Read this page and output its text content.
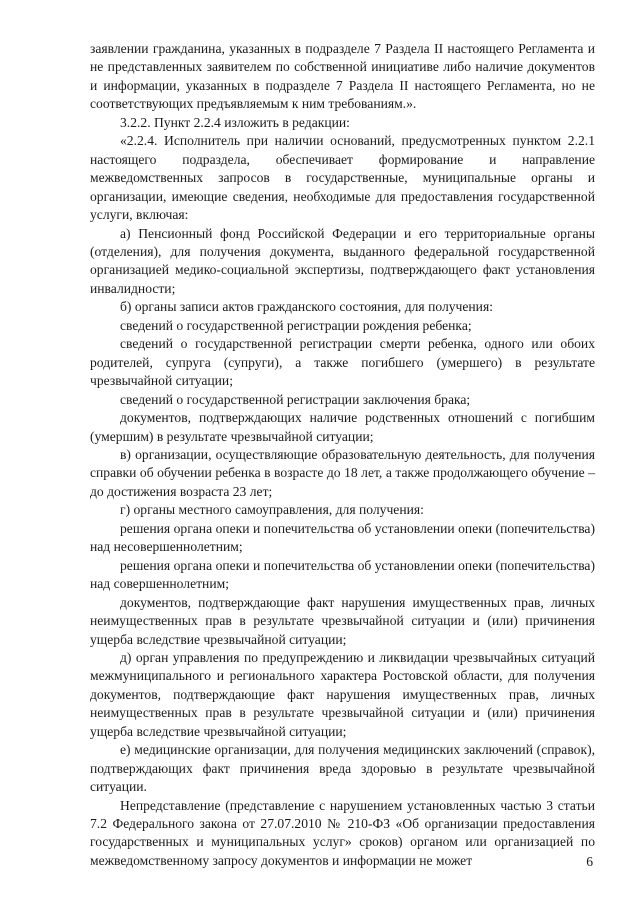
заявлении гражданина, указанных в подразделе 7 Раздела II настоящего Регламента и не представленных заявителем по собственной инициативе либо наличие документов и информации, указанных в подразделе 7 Раздела II настоящего Регламента, но не соответствующих предъявляемым к ним требованиям.».

3.2.2. Пункт 2.2.4 изложить в редакции:

«2.2.4. Исполнитель при наличии оснований, предусмотренных пунктом 2.2.1 настоящего подраздела, обеспечивает формирование и направление межведомственных запросов в государственные, муниципальные органы и организации, имеющие сведения, необходимые для предоставления государственной услуги, включая:

а) Пенсионный фонд Российской Федерации и его территориальные органы (отделения), для получения документа, выданного федеральной государственной организацией медико-социальной экспертизы, подтверждающего факт установления инвалидности;

б) органы записи актов гражданского состояния, для получения:

сведений о государственной регистрации рождения ребенка;

сведений о государственной регистрации смерти ребенка, одного или обоих родителей, супруга (супруги), а также погибшего (умершего) в результате чрезвычайной ситуации;

сведений о государственной регистрации заключения брака;

документов, подтверждающих наличие родственных отношений с погибшим (умершим) в результате чрезвычайной ситуации;

в) организации, осуществляющие образовательную деятельность, для получения справки об обучении ребенка в возрасте до 18 лет, а также продолжающего обучение – до достижения возраста 23 лет;

г) органы местного самоуправления, для получения:

решения органа опеки и попечительства об установлении опеки (попечительства) над несовершеннолетним;

решения органа опеки и попечительства об установлении опеки (попечительства) над совершеннолетним;

документов, подтверждающие факт нарушения имущественных прав, личных неимущественных прав в результате чрезвычайной ситуации и (или) причинения ущерба вследствие чрезвычайной ситуации;

д) орган управления по предупреждению и ликвидации чрезвычайных ситуаций межмуниципального и регионального характера Ростовской области, для получения документов, подтверждающие факт нарушения имущественных прав, личных неимущественных прав в результате чрезвычайной ситуации и (или) причинения ущерба вследствие чрезвычайной ситуации;

е) медицинские организации, для получения медицинских заключений (справок), подтверждающих факт причинения вреда здоровью в результате чрезвычайной ситуации.

Непредставление (представление с нарушением установленных частью 3 статьи 7.2 Федерального закона от 27.07.2010 № 210-ФЗ «Об организации предоставления государственных и муниципальных услуг» сроков) органом или организацией по межведомственному запросу документов и информации не может	6
